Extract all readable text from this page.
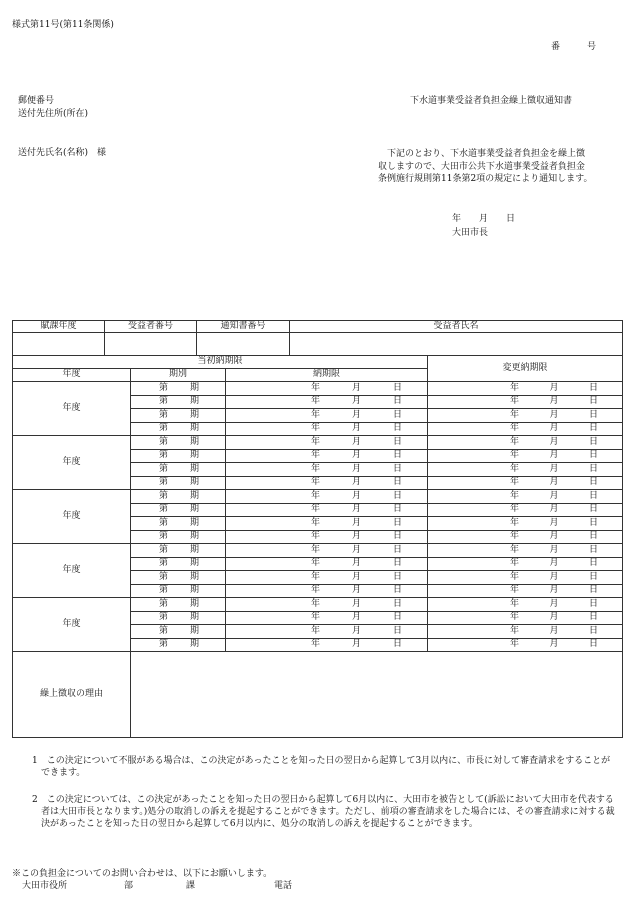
様式第11号(第11条関係)
番　　　号
郵便番号
送付先住所(所在)
下水道事業受益者負担金繰上徴収通知書
送付先氏名(名称)　様	下記のとおり、下水道事業受益者負担金を繰上徴
収しますので、大田市公共下水道事業受益者負担金
条例施行規則第11条第2項の規定により通知します。
年　　月　　日
大田市長
賦課年度	受益者番号	通知書番号	受益者氏名

当初納期限			変更納期限
年度	期別	納期限	
年度	第 期	年 月 日	年 月 日

	第 期	年 月 日	年 月 日

	第 期	年 月 日	年 月 日

	第 期	年 月 日	年 月 日

年度	第 期	年 月 日	年 月 日

	第 期	年 月 日	年 月 日

	第 期	年 月 日	年 月 日

	第 期	年 月 日	年 月 日

年度	第 期	年 月 日	年 月 日

	第 期	年 月 日	年 月 日

	第 期	年 月 日	年 月 日

	第 期	年 月 日	年 月 日

年度	第 期	年 月 日	年 月 日

	第 期	年 月 日	年 月 日

	第 期	年 月 日	年 月 日

	第 期	年 月 日	年 月 日

年度	第 期	年 月 日	年 月 日

	第 期	年 月 日	年 月 日

	第 期	年 月 日	年 月 日

	第 期	年 月 日	年 月 日

繰上徴収の理由			
1　この決定について不服がある場合は、この決定があったことを知った日の翌日から起算して3月以内に、市長に対して審査請求をすることができます。
2　この決定については、この決定があったことを知った日の翌日から起算して6月以内に、大田市を被告として(訴訟において大田市を代表する者は大田市長となります。)処分の取消しの訴えを提起することができます。ただし、前項の審査請求をした場合には、その審査請求に対する裁決があったことを知った日の翌日から起算して6月以内に、処分の取消しの訴えを提起することができます。
※この負担金についてのお問い合わせは、以下にお願いします。
大田市役所	部	課	電話
